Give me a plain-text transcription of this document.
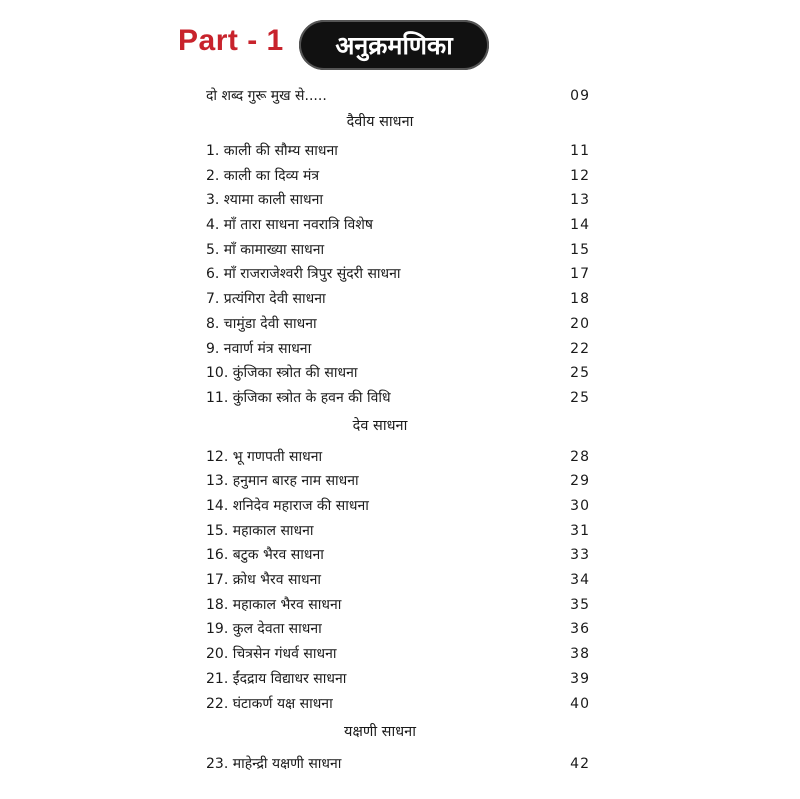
Part - 1 अनुक्रमणिका
दो शब्द गुरू मुख से.....	09
दैवीय साधना
1. काली की सौम्य साधना	11
2. काली का दिव्य मंत्र	12
3. श्यामा काली साधना	13
4. माँ तारा साधना नवरात्रि विशेष	14
5. माँ कामाख्या साधना	15
6. माँ राजराजेश्वरी त्रिपुर सुंदरी साधना	17
7. प्रत्यंगिरा देवी साधना	18
8. चामुंडा देवी साधना	20
9. नवार्ण मंत्र साधना	22
10. कुंजिका स्त्रोत की साधना	25
11. कुंजिका स्त्रोत के हवन की विधि	25
देव साधना
12. भू गणपती साधना	28
13. हनुमान बारह नाम साधना	29
14. शनिदेव महाराज की साधना	30
15. महाकाल साधना	31
16. बटुक भैरव साधना	33
17. क्रोध भैरव साधना	34
18. महाकाल भैरव साधना	35
19. कुल देवता साधना	36
20. चित्रसेन गंधर्व साधना	38
21. ईंदद्राय विद्याधर साधना	39
22. घंटाकर्ण यक्ष साधना	40
यक्षणी साधना
23. माहेन्द्री यक्षणी साधना	42
